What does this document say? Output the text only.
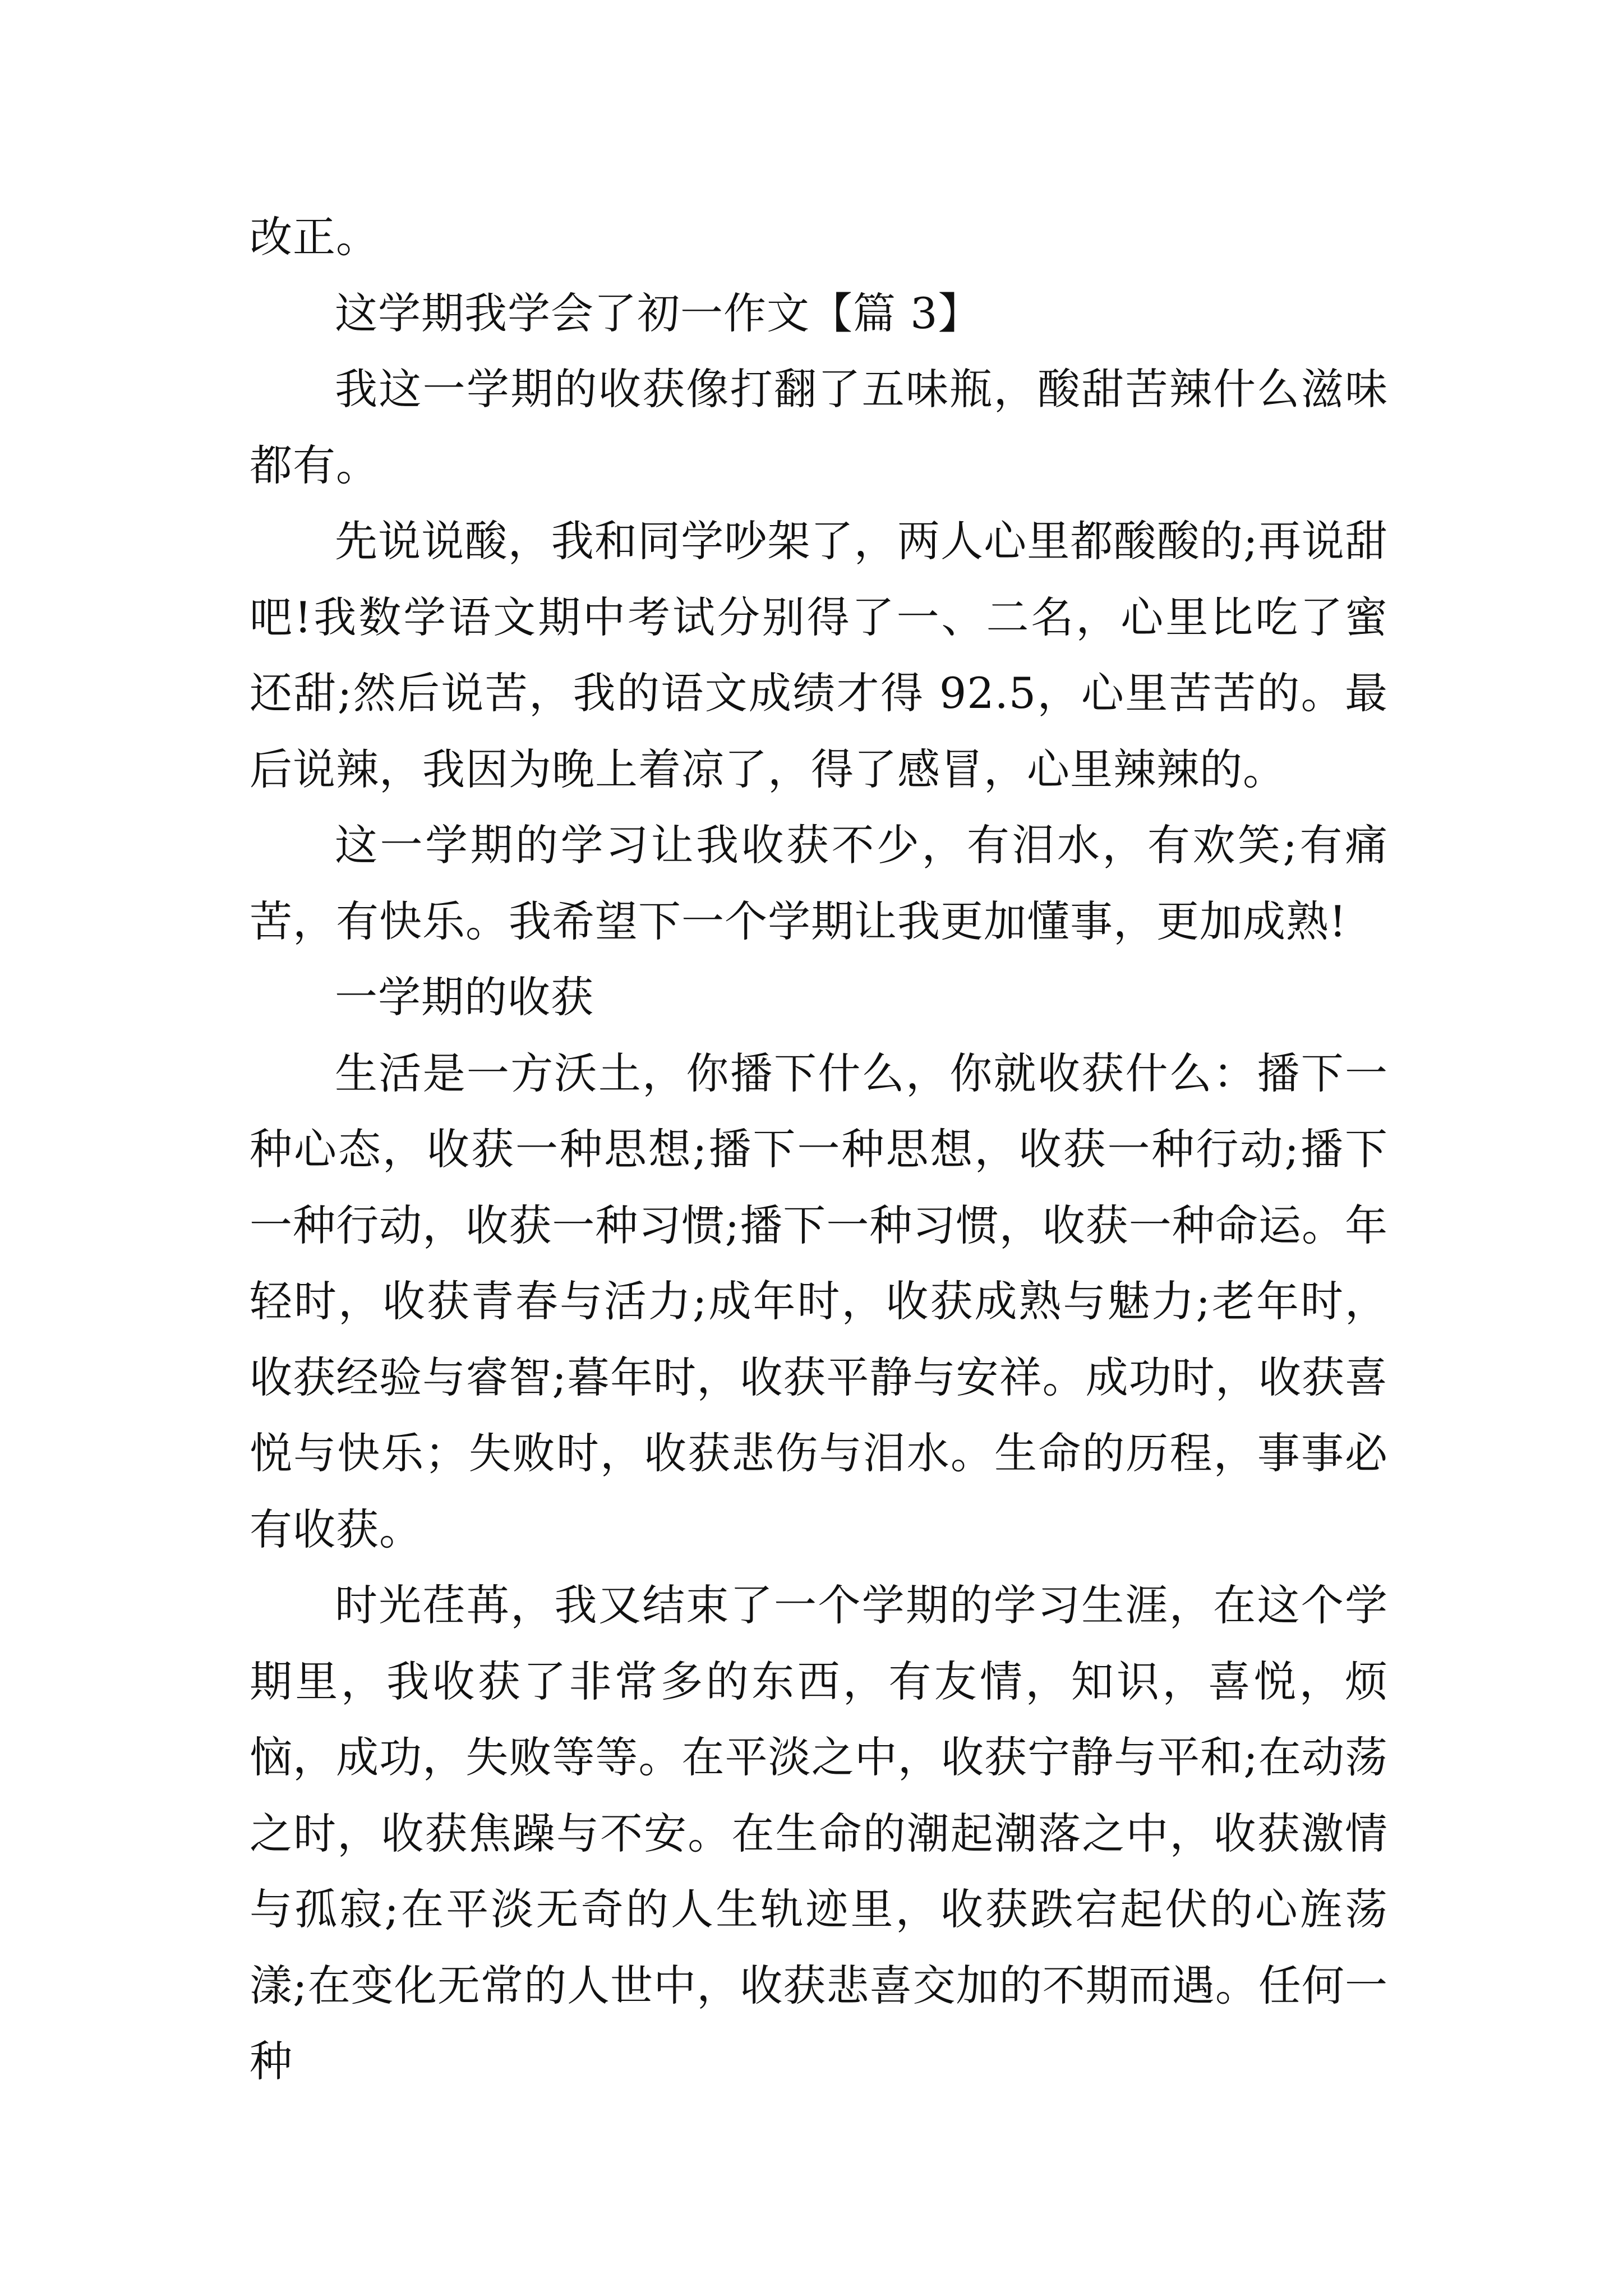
改正。

这学期我学会了初一作文【篇 3】

我这一学期的收获像打翻了五味瓶，酸甜苦辣什么滋味都有。

先说说酸，我和同学吵架了，两人心里都酸酸的;再说甜吧!我数学语文期中考试分别得了一、二名，心里比吃了蜜还甜;然后说苦，我的语文成绩才得 92.5，心里苦苦的。最后说辣，我因为晚上着凉了，得了感冒，心里辣辣的。

这一学期的学习让我收获不少，有泪水，有欢笑;有痛苦，有快乐。我希望下一个学期让我更加懂事，更加成熟!

一学期的收获

生活是一方沃土，你播下什么，你就收获什么：播下一种心态，收获一种思想;播下一种思想，收获一种行动;播下一种行动，收获一种习惯;播下一种习惯，收获一种命运。年轻时，收获青春与活力;成年时，收获成熟与魅力;老年时，收获经验与睿智;暮年时，收获平静与安祥。成功时，收获喜悦与快乐；失败时，收获悲伤与泪水。生命的历程，事事必有收获。

时光荏苒，我又结束了一个学期的学习生涯，在这个学期里，我收获了非常多的东西，有友情，知识，喜悦，烦恼，成功，失败等等。在平淡之中，收获宁静与平和;在动荡之时，收获焦躁与不安。在生命的潮起潮落之中，收获激情与孤寂;在平淡无奇的人生轨迹里，收获跌宕起伏的心旌荡漾;在变化无常的人世中，收获悲喜交加的不期而遇。任何一种
